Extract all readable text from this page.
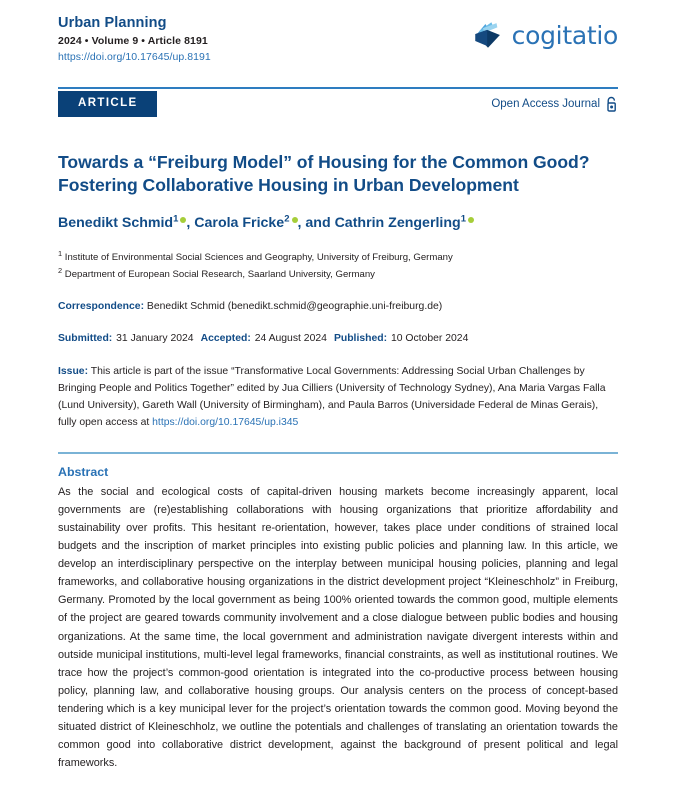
Urban Planning
2024 • Volume 9 • Article 8191
https://doi.org/10.17645/up.8191
cogitatio
ARTICLE	Open Access Journal
Towards a “Freiburg Model” of Housing for the Common Good?
Fostering Collaborative Housing in Urban Development
Benedikt Schmid$^1$ , Carola Fricke$^2$ , and Cathrin Zengerling$^1$
$^1$ Institute of Environmental Social Sciences and Geography, University of Freiburg, Germany
$^2$ Department of European Social Research, Saarland University, Germany
Correspondence: Benedikt Schmid (benedikt.schmid@geographie.uni-freiburg.de)
Submitted: 31 January 2024 Accepted: 24 August 2024 Published: 10 October 2024
Issue: This article is part of the issue “Transformative Local Governments: Addressing Social Urban Challenges by Bringing People and Politics Together” edited by Jua Cilliers (University of Technology Sydney), Ana Maria Vargas Falla (Lund University), Gareth Wall (University of Birmingham), and Paula Barros (Universidade Federal de Minas Gerais), fully open access at https://doi.org/10.17645/up.i345
Abstract
As the social and ecological costs of capital-driven housing markets become increasingly apparent, local governments are (re)establishing collaborations with housing organizations that prioritize affordability and sustainability over profits. This hesitant re-orientation, however, takes place under conditions of strained local budgets and the inscription of market principles into existing public policies and planning law. In this article, we develop an interdisciplinary perspective on the interplay between municipal housing policies, planning and legal frameworks, and collaborative housing organizations in the district development project “Kleineschholz” in Freiburg, Germany. Promoted by the local government as being 100% oriented towards the common good, multiple elements of the project are geared towards community involvement and a close dialogue between public bodies and housing organizations. At the same time, the local government and administration navigate divergent interests within and outside municipal institutions, multi-level legal frameworks, financial constraints, as well as institutional routines. We trace how the project’s common-good orientation is integrated into the co-productive process between housing policy, planning law, and collaborative housing groups. Our analysis centers on the process of concept-based tendering which is a key municipal lever for the project’s orientation towards the common good. Moving beyond the situated district of Kleineschholz, we outline the potentials and challenges of translating an orientation towards the common good into collaborative district development, against the background of present political and legal frameworks.
